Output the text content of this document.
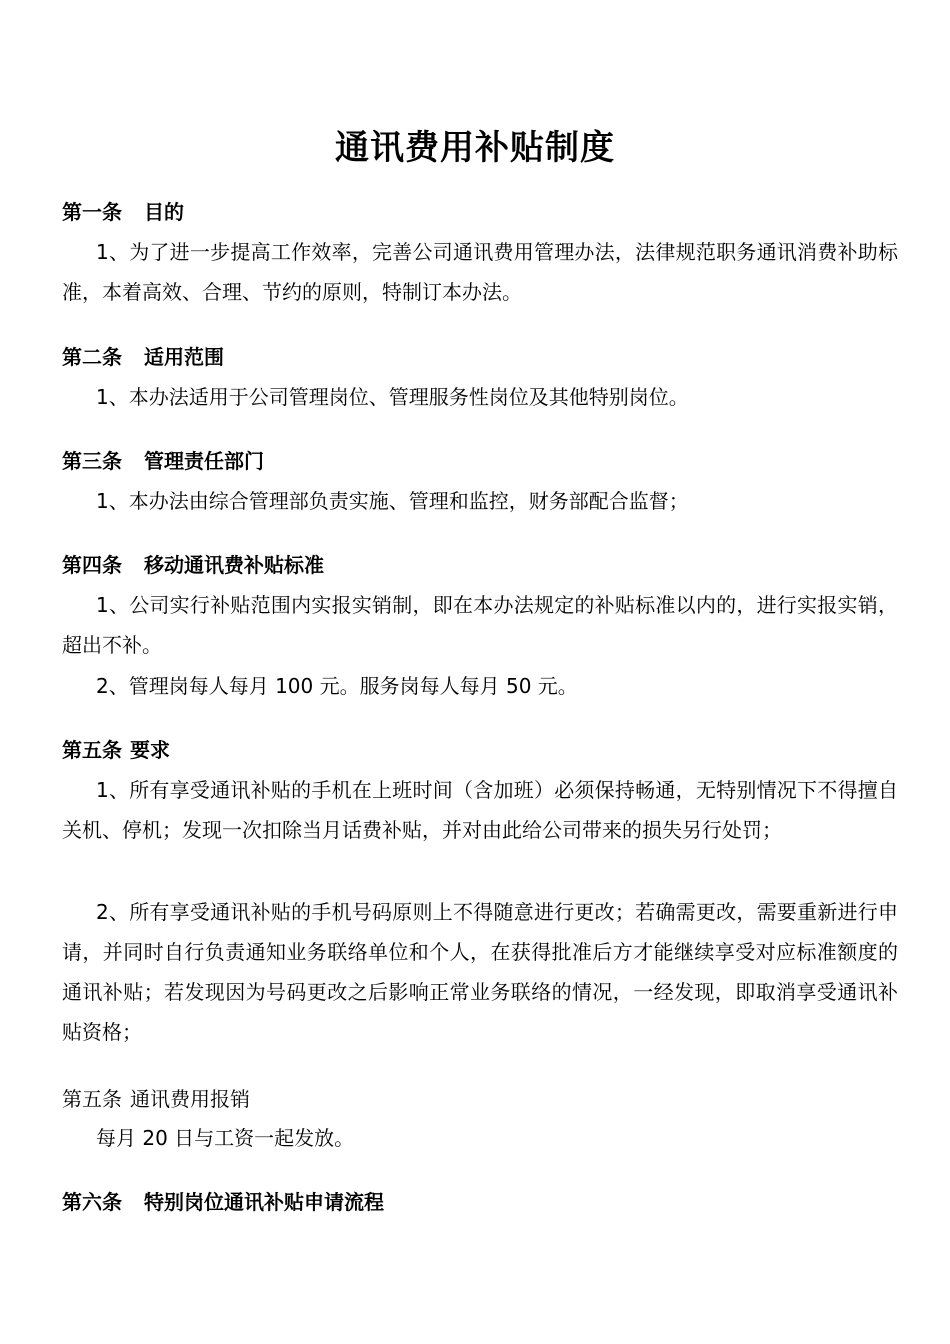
通讯费用补贴制度
第一条 目的
1、为了进一步提高工作效率，完善公司通讯费用管理办法，法律规范职务通讯消费补助标准，本着高效、合理、节约的原则，特制订本办法。
第二条 适用范围
1、本办法适用于公司管理岗位、管理服务性岗位及其他特别岗位。
第三条 管理责任部门
1、本办法由综合管理部负责实施、管理和监控，财务部配合监督；
第四条 移动通讯费补贴标准
1、公司实行补贴范围内实报实销制，即在本办法规定的补贴标准以内的，进行实报实销，超出不补。
2、管理岗每人每月 100 元。服务岗每人每月 50 元。
第五条 要求
1、所有享受通讯补贴的手机在上班时间（含加班）必须保持畅通，无特别情况下不得擅自关机、停机；发现一次扣除当月话费补贴，并对由此给公司带来的损失另行处罚；
2、所有享受通讯补贴的手机号码原则上不得随意进行更改；若确需更改，需要重新进行申请，并同时自行负责通知业务联络单位和个人，在获得批准后方才能继续享受对应标准额度的通讯补贴；若发现因为号码更改之后影响正常业务联络的情况，一经发现，即取消享受通讯补贴资格；
第五条 通讯费用报销
每月 20 日与工资一起发放。
第六条 特别岗位通讯补贴申请流程
